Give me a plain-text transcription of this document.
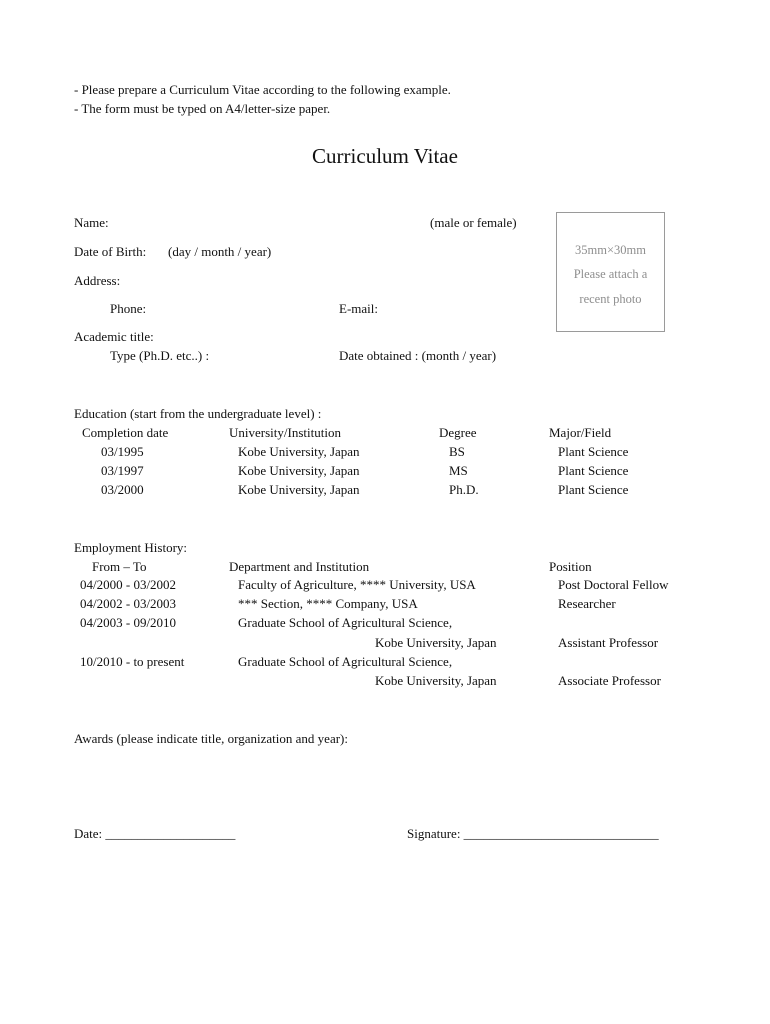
- Please prepare a Curriculum Vitae according to the following example.
- The form must be typed on A4/letter-size paper.
Curriculum Vitae
Name:	(male or female)
Date of Birth: (day / month / year)
Address:
Phone:	E-mail:
Academic title:
Type (Ph.D. etc..) :	Date obtained : (month / year)
35mm×30mm
Please attach a
recent photo
Education (start from the undergraduate level) :
Completion date	University/Institution	Degree	Major/Field
03/1995	Kobe University, Japan	BS	Plant Science
03/1997	Kobe University, Japan	MS	Plant Science
03/2000	Kobe University, Japan	Ph.D.	Plant Science
Employment History:
From – To	Department and Institution	Position
04/2000 - 03/2002	Faculty of Agriculture, **** University, USA	Post Doctoral Fellow
04/2002 - 03/2003	*** Section, **** Company, USA	Researcher
04/2003 - 09/2010	Graduate School of Agricultural Science,
Kobe University, Japan	Assistant Professor
10/2010 - to present	Graduate School of Agricultural Science,
Kobe University, Japan	Associate Professor
Awards (please indicate title, organization and year):
Date: ____________________	Signature: ______________________________
